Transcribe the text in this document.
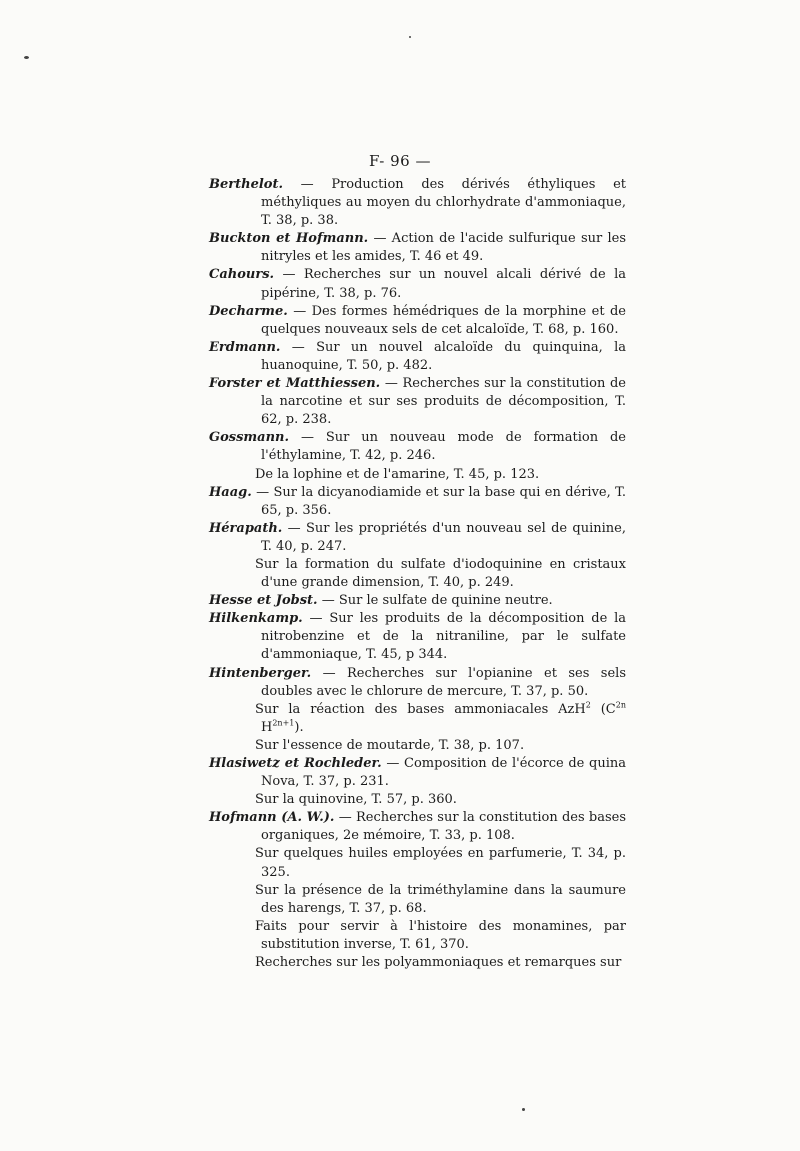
F- 96 —

Berthelot. — Production des dérivés éthyliques et méthyliques au moyen du chlorhydrate d'ammoniaque, T. 38, p. 38.

Buckton et Hofmann. — Action de l'acide sulfurique sur les nitryles et les amides, T. 46 et 49.

Cahours. — Recherches sur un nouvel alcali dérivé de la pipérine, T. 38, p. 76.

Decharme. — Des formes hémédriques de la morphine et de quelques nouveaux sels de cet alcaloïde, T. 68, p. 160.

Erdmann. — Sur un nouvel alcaloïde du quinquina, la huanoquine, T. 50, p. 482.

Forster et Matthiessen. — Recherches sur la constitution de la narcotine et sur ses produits de décomposition, T. 62, p. 238.

Gossmann. — Sur un nouveau mode de formation de l'éthylamine, T. 42, p. 246.

De la lophine et de l'amarine, T. 45, p. 123.

Haag. — Sur la dicyanodiamide et sur la base qui en dérive, T. 65, p. 356.

Hérapath. — Sur les propriétés d'un nouveau sel de quinine, T. 40, p. 247.

Sur la formation du sulfate d'iodoquinine en cristaux d'une grande dimension, T. 40, p. 249.

Hesse et Jobst. — Sur le sulfate de quinine neutre.

Hilkenkamp. — Sur les produits de la décomposition de la nitrobenzine et de la nitraniline, par le sulfate d'ammoniaque, T. 45, p 344.

Hintenberger. — Recherches sur l'opianine et ses sels doubles avec le chlorure de mercure, T. 37, p. 50.

Sur la réaction des bases ammoniacales AzH$^2$ ($C^{2n}$ $H^{2n+1}$).

Sur l'essence de moutarde, T. 38, p. 107.

Hlasiwetz et Rochleder. — Composition de l'écorce de quina Nova, T. 37, p. 231.

Sur la quinovine, T. 57, p. 360.

Hofmann (A. W.). — Recherches sur la constitution des bases organiques, 2e mémoire, T. 33, p. 108.

Sur quelques huiles employées en parfumerie, T. 34, p. 325.

Sur la présence de la triméthylamine dans la saumure des harengs, T. 37, p. 68.

Faits pour servir à l'histoire des monamines, par substitution inverse, T. 61, 370.

Recherches sur les polyammoniaques et remarques sur
